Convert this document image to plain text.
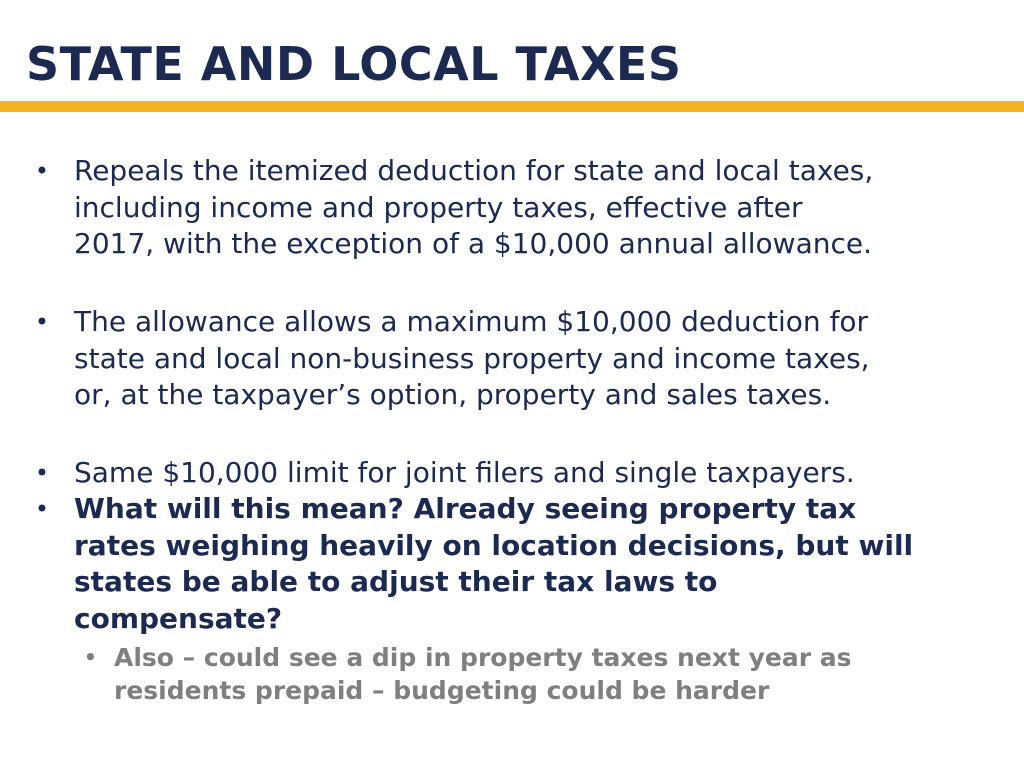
STATE AND LOCAL TAXES
• Repeals the itemized deduction for state and local taxes,
including income and property taxes, effective after
2017, with the exception of a $10,000 annual allowance.
• The allowance allows a maximum $10,000 deduction for
state and local non-business property and income taxes,
or, at the taxpayer’s option, property and sales taxes.
• Same $10,000 limit for joint filers and single taxpayers.
• What will this mean? Already seeing property tax
rates weighing heavily on location decisions, but will
states be able to adjust their tax laws to
compensate?
• Also – could see a dip in property taxes next year as
residents prepaid – budgeting could be harder
